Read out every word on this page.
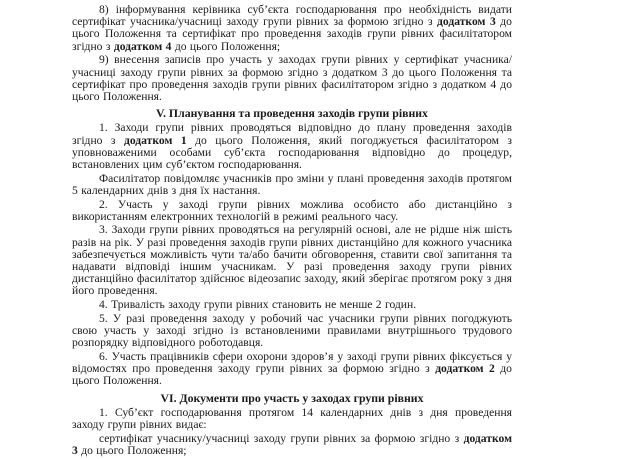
8) інформування керівника суб’єкта господарювання про необхідність видати сертифікат учасника/учасниці заходу групи рівних за формою згідно з додатком 3 до цього Положення та сертифікат про проведення заходів групи рівних фасилітатором згідно з додатком 4 до цього Положення;
9) внесення записів про участь у заходах групи рівних у сертифікат учасника/учасниці заходу групи рівних за формою згідно з додатком 3 до цього Положення та сертифікат про проведення заходів групи рівних фасилітатором згідно з додатком 4 до цього Положення.
V. Планування та проведення заходів групи рівних
1. Заходи групи рівних проводяться відповідно до плану проведення заходів згідно з додатком 1 до цього Положення, який погоджується фасилітатором з уповноваженими особами суб’єкта господарювання відповідно до процедур, встановлених цим суб’єктом господарювання.
Фасилітатор повідомляє учасників про зміни у плані проведення заходів протягом 5 календарних днів з дня їх настання.
2. Участь у заході групи рівних можлива особисто або дистанційно з використанням електронних технологій в режимі реального часу.
3. Заходи групи рівних проводяться на регулярній основі, але не рідше ніж шість разів на рік. У разі проведення заходів групи рівних дистанційно для кожного учасника забезпечується можливість чути та/або бачити обговорення, ставити свої запитання та надавати відповіді іншим учасникам. У разі проведення заходу групи рівних дистанційно фасилітатор здійснює відеозапис заходу, який зберігає протягом року з дня його проведення.
4. Тривалість заходу групи рівних становить не менше 2 годин.
5. У разі проведення заходу у робочий час учасники групи рівних погоджують свою участь у заході згідно із встановленими правилами внутрішнього трудового розпорядку відповідного роботодавця.
6. Участь працівників сфери охорони здоров’я у заході групи рівних фіксується у відомостях про проведення заходу групи рівних за формою згідно з додатком 2 до цього Положення.
VI. Документи про участь у заходах групи рівних
1. Суб’єкт господарювання протягом 14 календарних днів з дня проведення заходу групи рівних видає:
сертифікат учаснику/учасниці заходу групи рівних за формою згідно з додатком 3 до цього Положення;
